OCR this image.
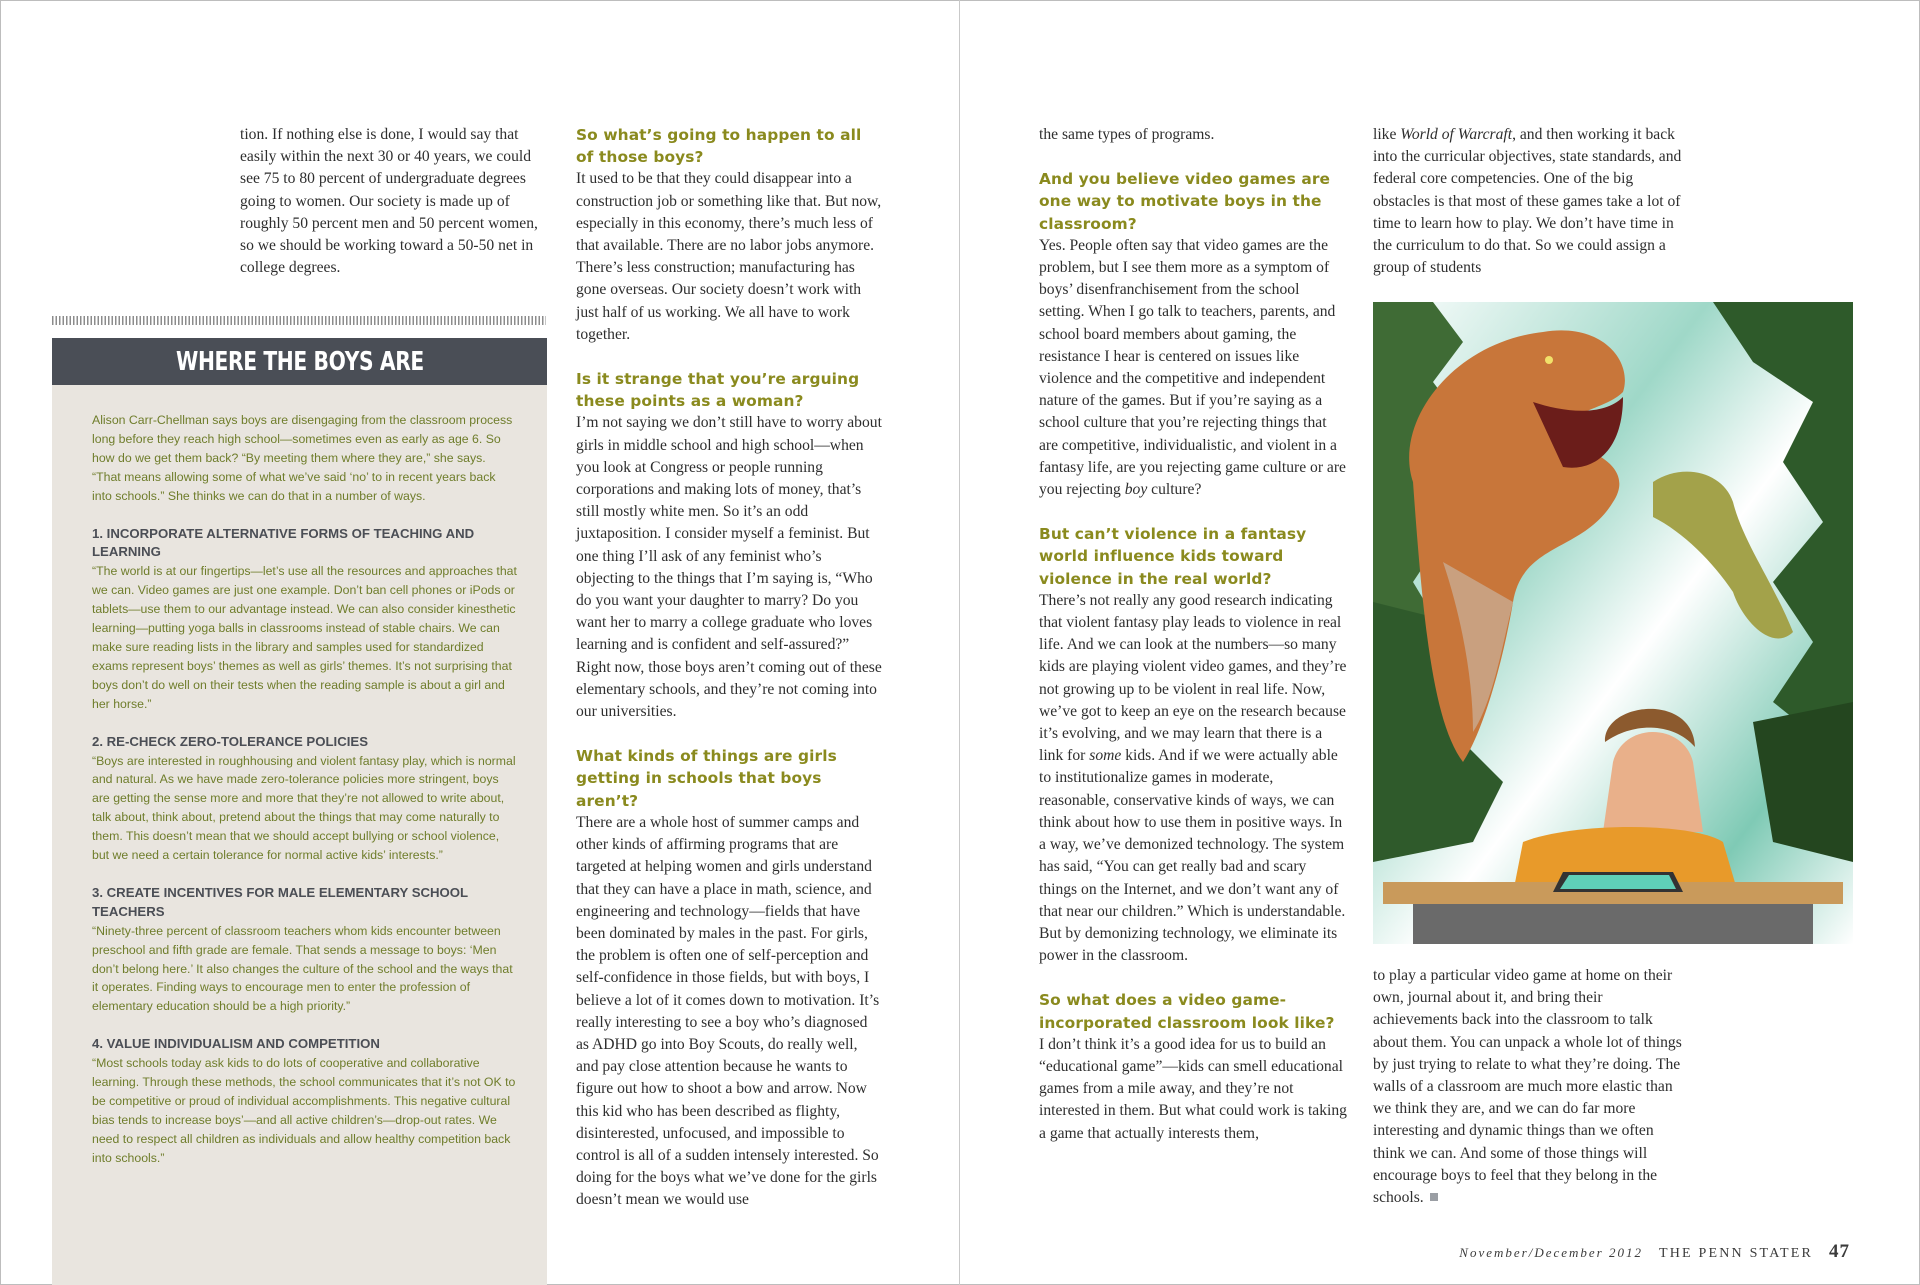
tion. If nothing else is done, I would say that easily within the next 30 or 40 years, we could see 75 to 80 percent of undergraduate degrees going to women. Our society is made up of roughly 50 percent men and 50 percent women, so we should be working toward a 50-50 net in college degrees.

WHERE THE BOYS ARE

Alison Carr-Chellman says boys are disengaging from the classroom process long before they reach high school—sometimes even as early as age 6. So how do we get them back? “By meeting them where they are,” she says. “That means allowing some of what we’ve said ‘no’ to in recent years back into schools.” She thinks we can do that in a number of ways.

1. INCORPORATE ALTERNATIVE FORMS OF TEACHING AND LEARNING

“The world is at our fingertips—let’s use all the resources and approaches that we can. Video games are just one example. Don’t ban cell phones or iPods or tablets—use them to our advantage instead. We can also consider kinesthetic learning—putting yoga balls in classrooms instead of stable chairs. We can make sure reading lists in the library and samples used for standardized exams represent boys’ themes as well as girls’ themes. It’s not surprising that boys don’t do well on their tests when the reading sample is about a girl and her horse.”

2. RE-CHECK ZERO-TOLERANCE POLICIES

“Boys are interested in roughhousing and violent fantasy play, which is normal and natural. As we have made zero-tolerance policies more stringent, boys are getting the sense more and more that they’re not allowed to write about, talk about, think about, pretend about the things that may come naturally to them. This doesn’t mean that we should accept bullying or school violence, but we need a certain tolerance for normal active kids’ interests.”

3. CREATE INCENTIVES FOR MALE ELEMENTARY SCHOOL TEACHERS

“Ninety-three percent of classroom teachers whom kids encounter between preschool and fifth grade are female. That sends a message to boys: ‘Men don’t belong here.’ It also changes the culture of the school and the ways that it operates. Finding ways to encourage men to enter the profession of elementary education should be a high priority.”

4. VALUE INDIVIDUALISM AND COMPETITION

“Most schools today ask kids to do lots of cooperative and collaborative learning. Through these methods, the school communicates that it’s not OK to be competitive or proud of individual accomplishments. This negative cultural bias tends to increase boys’—and all active children’s—drop-out rates. We need to respect all children as individuals and allow healthy competition back into schools.”

So what’s going to happen to all of those boys?

It used to be that they could disappear into a construction job or something like that. But now, especially in this economy, there’s much less of that available. There are no labor jobs anymore. There’s less construction; manufacturing has gone overseas. Our society doesn’t work with just half of us working. We all have to work together.

Is it strange that you’re arguing these points as a woman?

I’m not saying we don’t still have to worry about girls in middle school and high school—when you look at Congress or people running corporations and making lots of money, that’s still mostly white men. So it’s an odd juxtaposition. I consider myself a feminist. But one thing I’ll ask of any feminist who’s objecting to the things that I’m saying is, “Who do you want your daughter to marry? Do you want her to marry a college graduate who loves learning and is confident and self-assured?” Right now, those boys aren’t coming out of these elementary schools, and they’re not coming into our universities.

What kinds of things are girls getting in schools that boys aren’t?

There are a whole host of summer camps and other kinds of affirming programs that are targeted at helping women and girls understand that they can have a place in math, science, and engineering and technology—fields that have been dominated by males in the past. For girls, the problem is often one of self-perception and self-confidence in those fields, but with boys, I believe a lot of it comes down to motivation. It’s really interesting to see a boy who’s diagnosed as ADHD go into Boy Scouts, do really well, and pay close attention because he wants to figure out how to shoot a bow and arrow. Now this kid who has been described as flighty, disinterested, unfocused, and impossible to control is all of a sudden intensely interested. So doing for the boys what we’ve done for the girls doesn’t mean we would use

the same types of programs.

And you believe video games are one way to motivate boys in the classroom?

Yes. People often say that video games are the problem, but I see them more as a symptom of boys’ disenfranchisement from the school setting. When I go talk to teachers, parents, and school board members about gaming, the resistance I hear is centered on issues like violence and the competitive and independent nature of the games. But if you’re saying as a school culture that you’re rejecting things that are competitive, individualistic, and violent in a fantasy life, are you rejecting game culture or are you rejecting boy culture?

But can’t violence in a fantasy world influence kids toward violence in the real world?

There’s not really any good research indicating that violent fantasy play leads to violence in real life. And we can look at the numbers—so many kids are playing violent video games, and they’re not growing up to be violent in real life. Now, we’ve got to keep an eye on the research because it’s evolving, and we may learn that there is a link for some kids. And if we were actually able to institutionalize games in moderate, reasonable, conservative kinds of ways, we can think about how to use them in positive ways. In a way, we’ve demonized technology. The system has said, “You can get really bad and scary things on the Internet, and we don’t want any of that near our children.” Which is understandable. But by demonizing technology, we eliminate its power in the classroom.

So what does a video game-incorporated classroom look like?

I don’t think it’s a good idea for us to build an “educational game”—kids can smell educational games from a mile away, and they’re not interested in them. But what could work is taking a game that actually interests them,

like World of Warcraft, and then working it back into the curricular objectives, state standards, and federal core competencies. One of the big obstacles is that most of these games take a lot of time to learn how to play. We don’t have time in the curriculum to do that. So we could assign a group of students

to play a particular video game at home on their own, journal about it, and bring their achievements back into the classroom to talk about them. You can unpack a whole lot of things by just trying to relate to what they’re doing. The walls of a classroom are much more elastic than we think they are, and we can do far more interesting and dynamic things than we often think we can. And some of those things will encourage boys to feel that they belong in the schools.

November/December 2012 THE PENN STATER 47
